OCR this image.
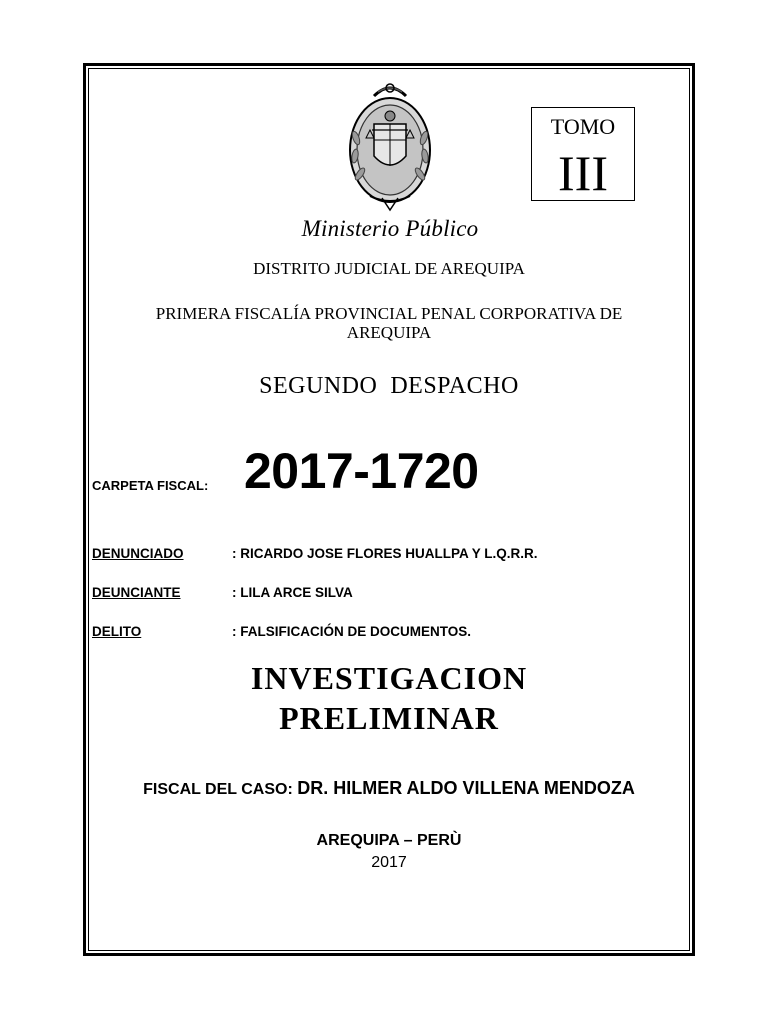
Ministerio Público
TOMO
III
DISTRITO JUDICIAL DE AREQUIPA
PRIMERA FISCALÍA PROVINCIAL PENAL CORPORATIVA DE
AREQUIPA
SEGUNDO  DESPACHO
CARPETA FISCAL: 2017-1720
DENUNCIADO	: RICARDO JOSE FLORES HUALLPA Y L.Q.R.R.
DEUNCIANTE	: LILA ARCE SILVA
DELITO	: FALSIFICACIÓN DE DOCUMENTOS.
INVESTIGACION
PRELIMINAR
FISCAL DEL CASO: DR. HILMER ALDO VILLENA MENDOZA
AREQUIPA – PERÙ
2017
